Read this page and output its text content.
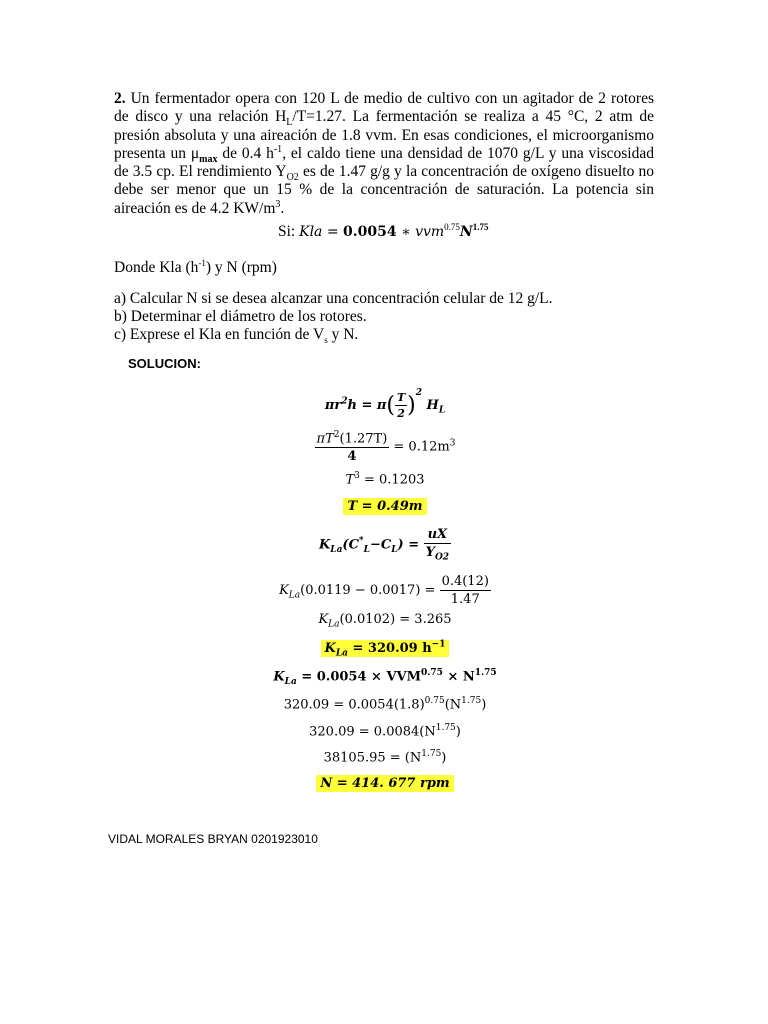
2. Un fermentador opera con 120 L de medio de cultivo con un agitador de 2 rotores de disco y una relación $H_L/T=1.27$. La fermentación se realiza a 45 °C, 2 atm de presión absoluta y una aireación de 1.8 vvm. En esas condiciones, el microorganismo presenta un $\mu_{max}$ de 0.4 $h^{-1}$, el caldo tiene una densidad de 1070 g/L y una viscosidad de 3.5 cp. El rendimiento $Y_{O2}$ es de 1.47 g/g y la concentración de oxígeno disuelto no debe ser menor que un 15 % de la concentración de saturación. La potencia sin aireación es de 4.2 $KW/m^3$.
Si: Kla = 0.0054 ∗ $vvm^{0.75}N^{1.75}$
Donde Kla $(h^{-1})$ y N (rpm)
a) Calcular N si se desea alcanzar una concentración celular de 12 g/L.
b) Determinar el diámetro de los rotores.
c) Exprese el Kla en función de $V_s$ y N.
SOLUCION:
$\pi r^2h = \pi( \frac{T}{2} )^2$ $H_L$
$\frac{\pi T^2(1.27T)}{4} = 0.12m^3$
$T^3 = 0.1203$
T = 0.49m
$K_{La}(C^*_L-C_L) = \frac{uX}{Y_{O2}}$
$K_{La}(0.0119 - 0.0017) = \frac{0.4(12)}{1.47}$
$K_{La}(0.0102) = 3.265$
$K_{La} = 320.09$ $h^{-1}$
$K_{La} = 0.0054 \times VVM^{0.75} \times N^{1.75}$
$320.09 = 0.0054(1.8)^{0.75}(N^{1.75})$
$320.09 = 0.0084(N^{1.75})$
$38105.95 = (N^{1.75})$
N = 414. 677 rpm
VIDAL MORALES BRYAN 0201923010
